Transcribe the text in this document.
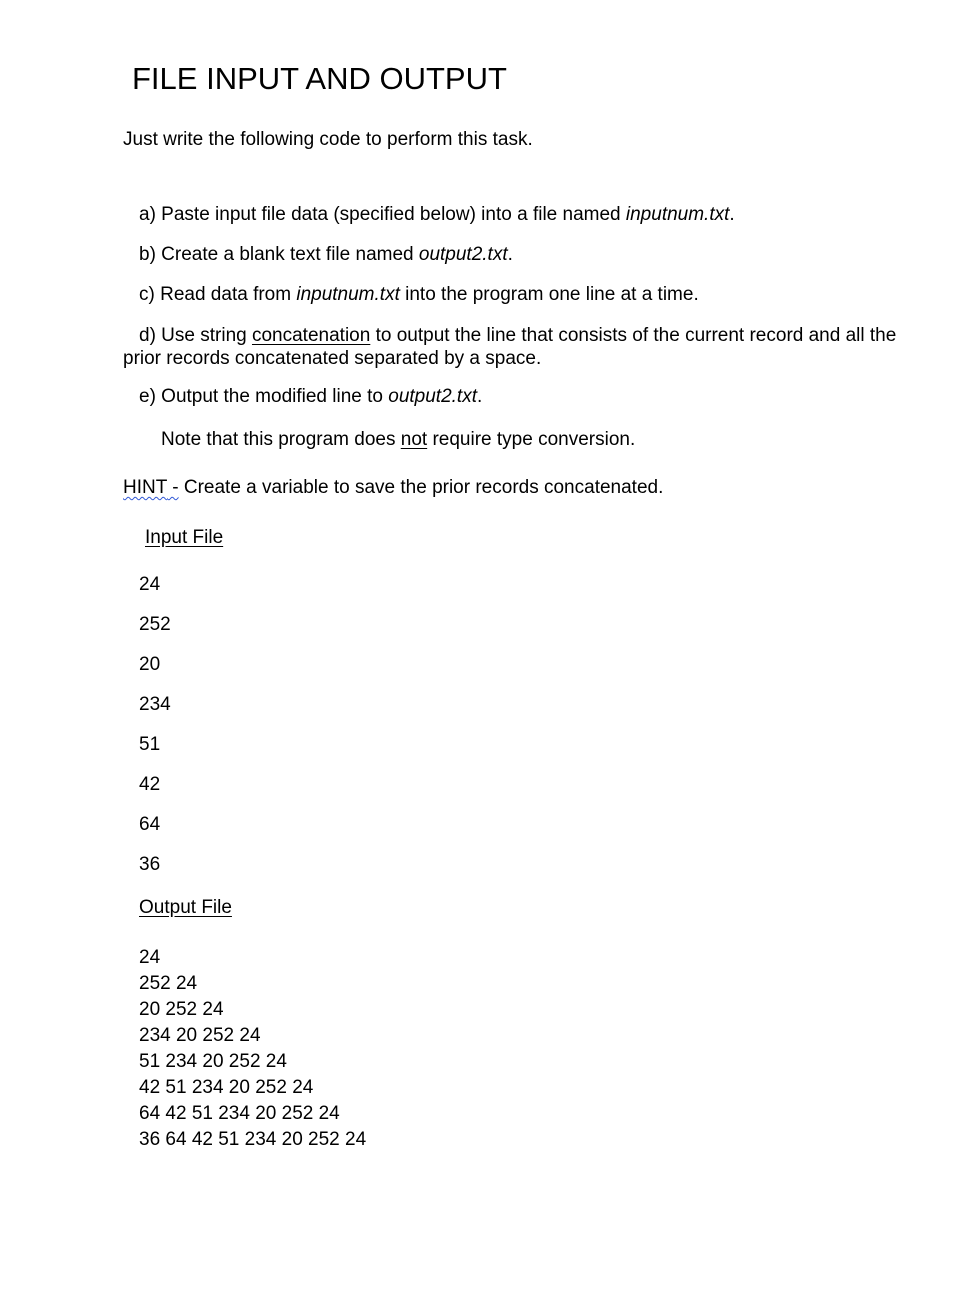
FILE INPUT AND OUTPUT
Just write the following code to perform this task.
a) Paste input file data (specified below) into a file named inputnum.txt.
b) Create a blank text file named output2.txt.
c) Read data from inputnum.txt into the program one line at a time.
d) Use string concatenation to output the line that consists of the current record and all the prior records concatenated separated by a space.
e) Output the modified line to output2.txt.
Note that this program does not require type conversion.
HINT - Create a variable to save the prior records concatenated.
Input File
24
252
20
234
51
42
64
36
Output File
24
252 24
20 252 24
234 20 252 24
51 234 20 252 24
42 51 234 20 252 24
64 42 51 234 20 252 24
36 64 42 51 234 20 252 24
